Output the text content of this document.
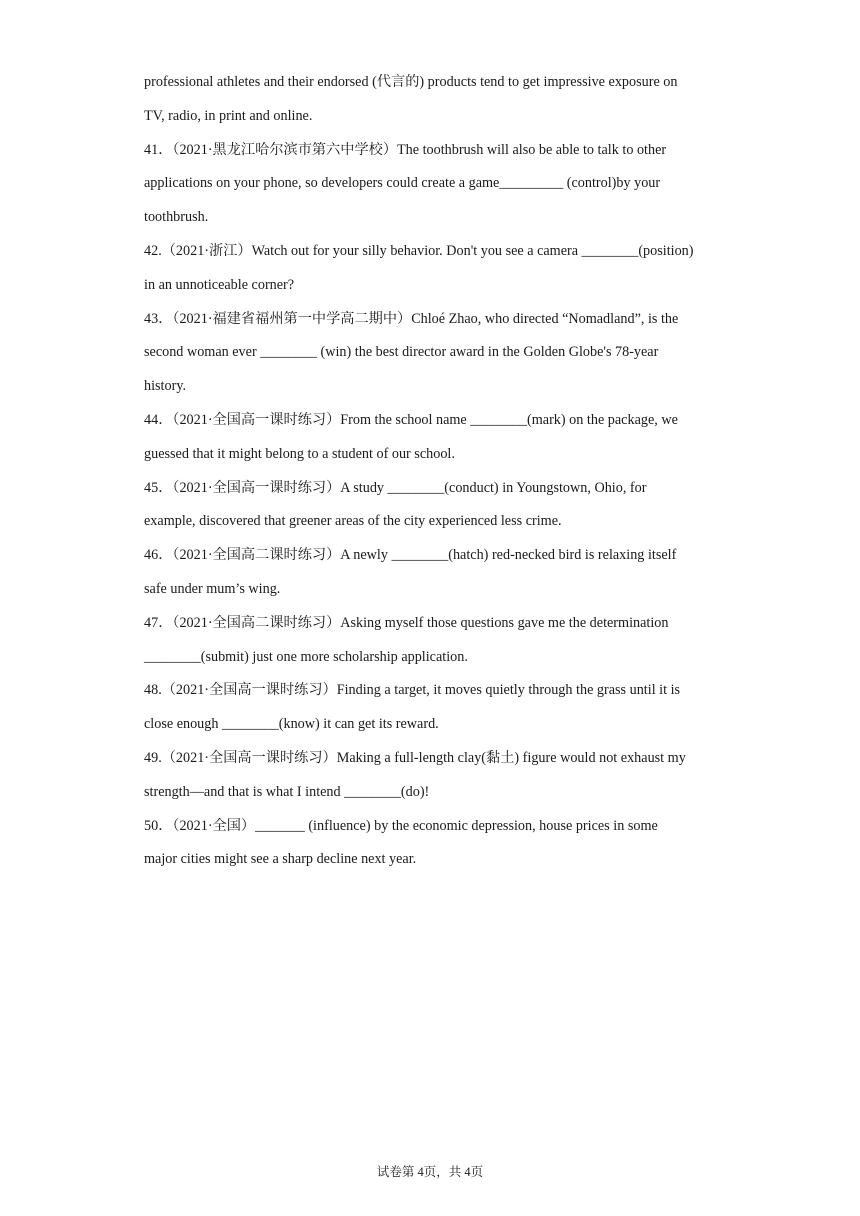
professional athletes and their endorsed (代言的) products tend to get impressive exposure on
TV, radio, in print and online.
41．（2021·黑龙江哈尔滨市第六中学校）The toothbrush will also be able to talk to other
applications on your phone, so developers could create a game_________ (control)by your
toothbrush.
42.（2021·浙江）Watch out for your silly behavior. Don't you see a camera ________(position)
in an unnoticeable corner?
43．（2021·福建省福州第一中学高二期中）Chloé Zhao, who directed “Nomadland”, is the
second woman ever ________ (win) the best director award in the Golden Globe's 78-year
history.
44．（2021·全国高一课时练习）From the school name ________(mark) on the package, we
guessed that it might belong to a student of our school.
45．（2021·全国高一课时练习）A study ________(conduct) in Youngstown, Ohio, for
example, discovered that greener areas of the city experienced less crime.
46．（2021·全国高二课时练习）A newly ________(hatch) red-necked bird is relaxing itself
safe under mum’s wing.
47．（2021·全国高二课时练习）Asking myself those questions gave me the determination
________(submit) just one more scholarship application.
48.（2021·全国高一课时练习）Finding a target, it moves quietly through the grass until it is
close enough ________(know) it can get its reward.
49.（2021·全国高一课时练习）Making a full-length clay(黏土) figure would not exhaust my
strength—and that is what I intend ________(do)!
50．（2021·全国）_______ (influence) by the economic depression, house prices in some
major cities might see a sharp decline next year.
试卷第 4页，共 4页
